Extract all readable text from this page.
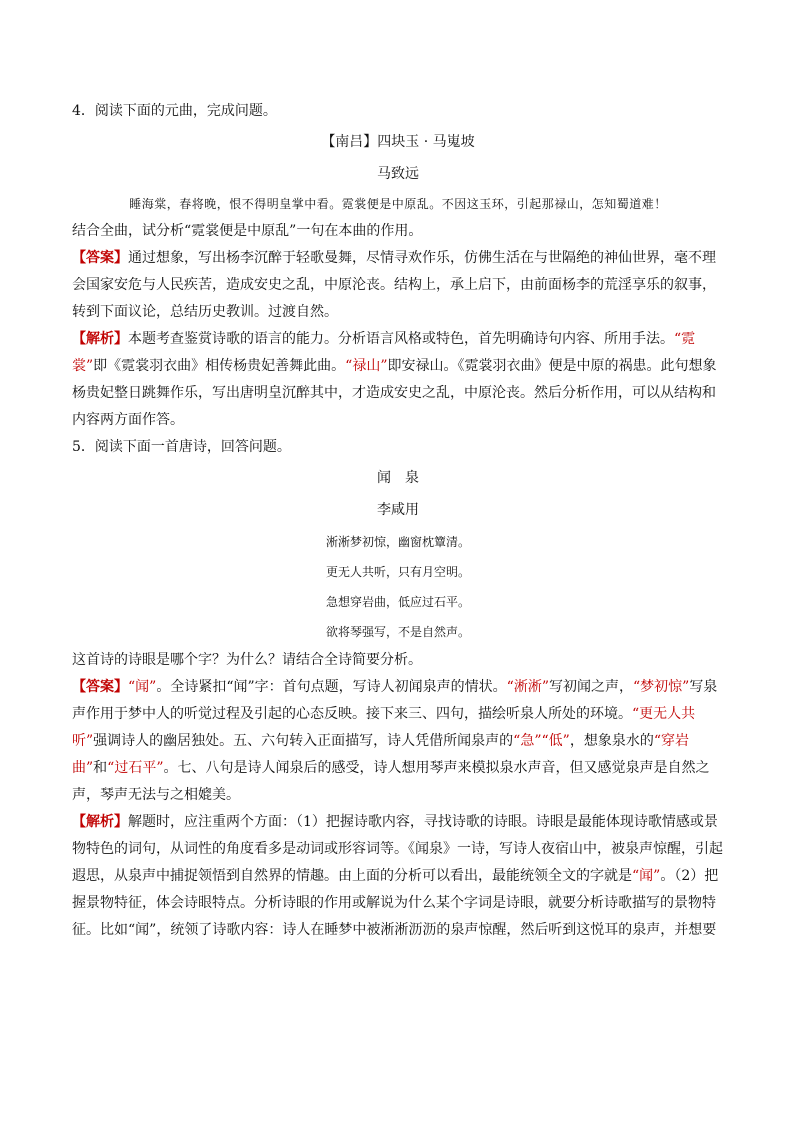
4．阅读下面的元曲，完成问题。

【南吕】四块玉 · 马嵬坡

马致远

睡海棠，春将晚，恨不得明皇掌中看。霓裳便是中原乱。不因这玉环，引起那禄山，怎知蜀道难！

结合全曲，试分析“霓裳便是中原乱”一句在本曲的作用。

【答案】通过想象，写出杨李沉醉于轻歌曼舞，尽情寻欢作乐，仿佛生活在与世隔绝的神仙世界，毫不理会国家安危与人民疾苦，造成安史之乱，中原沦丧。结构上，承上启下，由前面杨李的荒淫享乐的叙事，转到下面议论，总结历史教训。过渡自然。

【解析】本题考查鉴赏诗歌的语言的能力。分析语言风格或特色，首先明确诗句内容、所用手法。“霓裳”即《霓裳羽衣曲》相传杨贵妃善舞此曲。“禄山”即安禄山。《霓裳羽衣曲》便是中原的祸患。此句想象杨贵妃整日跳舞作乐，写出唐明皇沉醉其中，才造成安史之乱，中原沦丧。然后分析作用，可以从结构和内容两方面作答。

5．阅读下面一首唐诗，回答问题。

闻　泉

李咸用

淅淅梦初惊，幽窗枕簟清。

更无人共听，只有月空明。

急想穿岩曲，低应过石平。

欲将琴强写，不是自然声。

这首诗的诗眼是哪个字？为什么？请结合全诗简要分析。

【答案】“闻”。全诗紧扣“闻”字：首句点题，写诗人初闻泉声的情状。“淅淅”写初闻之声，“梦初惊”写泉声作用于梦中人的听觉过程及引起的心态反映。接下来三、四句，描绘听泉人所处的环境。“更无人共听”强调诗人的幽居独处。五、六句转入正面描写，诗人凭借所闻泉声的“急”“低”，想象泉水的“穿岩曲”和“过石平”。七、八句是诗人闻泉后的感受，诗人想用琴声来模拟泉水声音，但又感觉泉声是自然之声，琴声无法与之相媲美。

【解析】解题时，应注重两个方面：（1）把握诗歌内容，寻找诗歌的诗眼。诗眼是最能体现诗歌情感或景物特色的词句，从词性的角度看多是动词或形容词等。《闻泉》一诗，写诗人夜宿山中，被泉声惊醒，引起遐思，从泉声中捕捉领悟到自然界的情趣。由上面的分析可以看出，最能统领全文的字就是“闻”。（2）把握景物特征，体会诗眼特点。分析诗眼的作用或解说为什么某个字词是诗眼，就要分析诗歌描写的景物特征。比如“闻”，统领了诗歌内容：诗人在睡梦中被淅淅沥沥的泉声惊醒，然后听到这悦耳的泉声，并想要
